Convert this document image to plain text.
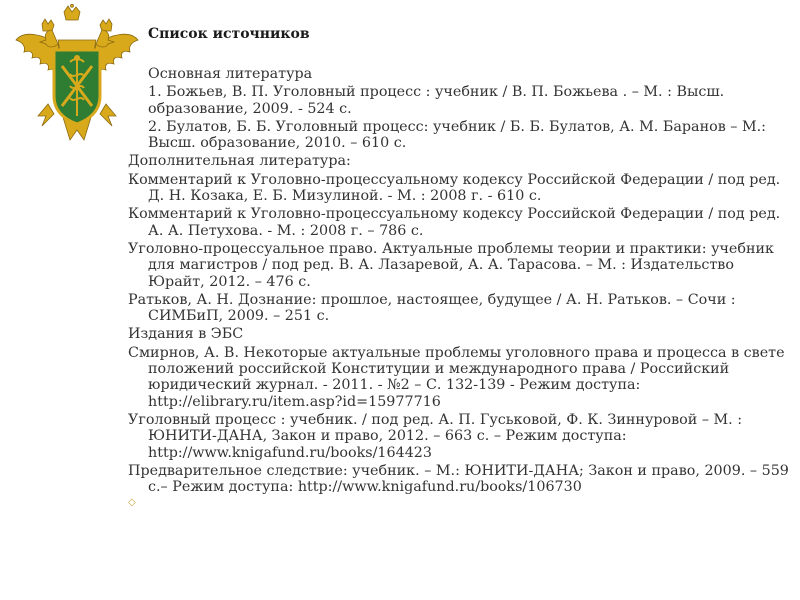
Список источников

Основная литература

1. Божьев, В. П. Уголовный процесс : учебник / В. П. Божьева . – М. : Высш. образование, 2009. - 524 с.

2. Булатов, Б. Б. Уголовный процесс: учебник / Б. Б. Булатов, А. М. Баранов – М.: Высш. образование, 2010. – 610 с.

Дополнительная литература:

Комментарий к Уголовно-процессуальному кодексу Российской Федерации / под ред. Д. Н. Козака, Е. Б. Мизулиной. - М. : 2008 г. - 610 с.

Комментарий к Уголовно-процессуальному кодексу Российской Федерации / под ред. А. А. Петухова. - М. : 2008 г. – 786 с.

Уголовно-процессуальное право. Актуальные проблемы теории и практики: учебник для магистров / под ред. В. А. Лазаревой, А. А. Тарасова. – М. : Издательство Юрайт, 2012. – 476 с.

Ратьков, А. Н. Дознание: прошлое, настоящее, будущее / А. Н. Ратьков. – Сочи : СИМБиП, 2009. – 251 с.

Издания в ЭБС

Смирнов, А. В. Некоторые актуальные проблемы уголовного права и процесса в свете положений российской Конституции и международного права / Российский юридический журнал. - 2011. - №2 – С. 132-139 - Режим доступа: http://elibrary.ru/item.asp?id=15977716

Уголовный процесс : учебник. / под ред. А. П. Гуськовой, Ф. К. Зиннуровой – М. : ЮНИТИ-ДАНА, Закон и право, 2012. – 663 с. – Режим доступа: http://www.knigafund.ru/books/164423

Предварительное следствие: учебник. – М.: ЮНИТИ-ДАНА; Закон и право, 2009. – 559 с.– Режим доступа: http://www.knigafund.ru/books/106730

◇
